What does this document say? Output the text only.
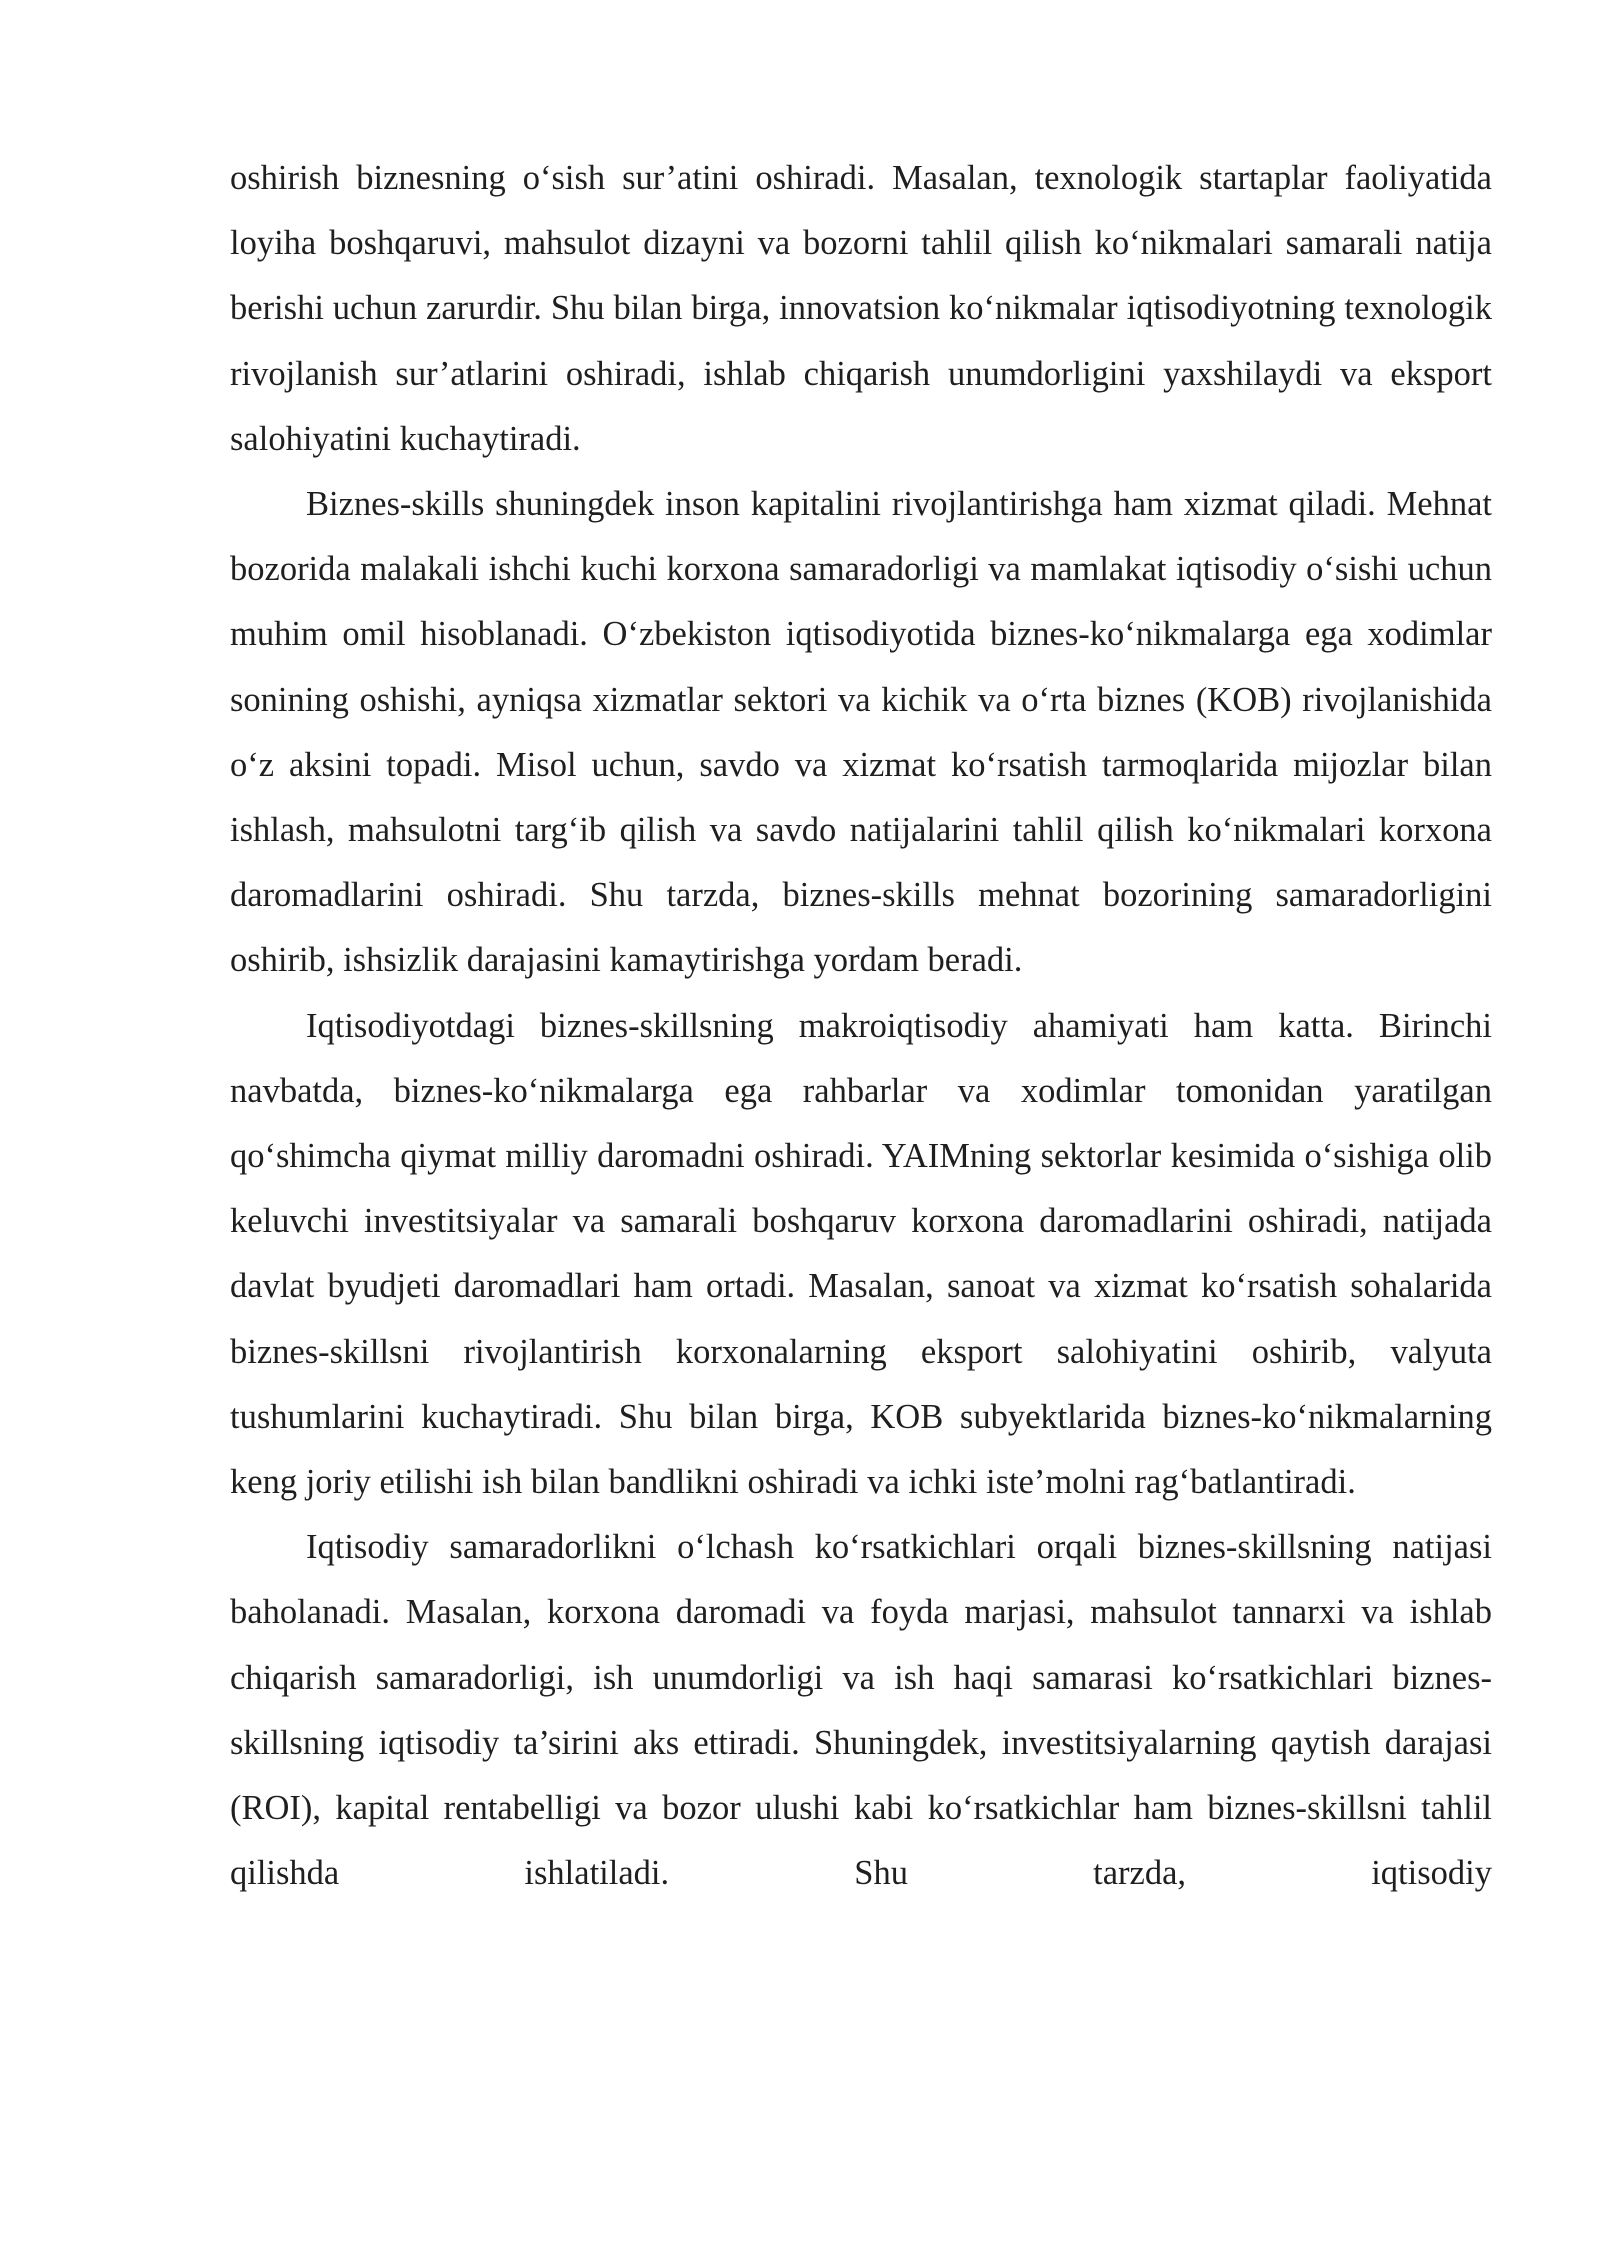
oshirish biznesning o‘sish sur’atini oshiradi. Masalan, texnologik startaplar faoliyatida loyiha boshqaruvi, mahsulot dizayni va bozorni tahlil qilish ko‘nikmalari samarali natija berishi uchun zarurdir. Shu bilan birga, innovatsion ko‘nikmalar iqtisodiyotning texnologik rivojlanish sur’atlarini oshiradi, ishlab chiqarish unumdorligini yaxshilaydi va eksport salohiyatini kuchaytiradi.

Biznes-skills shuningdek inson kapitalini rivojlantirishga ham xizmat qiladi. Mehnat bozorida malakali ishchi kuchi korxona samaradorligi va mamlakat iqtisodiy o‘sishi uchun muhim omil hisoblanadi. O‘zbekiston iqtisodiyotida biznes-ko‘nikmalarga ega xodimlar sonining oshishi, ayniqsa xizmatlar sektori va kichik va o‘rta biznes (KOB) rivojlanishida o‘z aksini topadi. Misol uchun, savdo va xizmat ko‘rsatish tarmoqlarida mijozlar bilan ishlash, mahsulotni targ‘ib qilish va savdo natijalarini tahlil qilish ko‘nikmalari korxona daromadlarini oshiradi. Shu tarzda, biznes-skills mehnat bozorining samaradorligini oshirib, ishsizlik darajasini kamaytirishga yordam beradi.

Iqtisodiyotdagi biznes-skillsning makroiqtisodiy ahamiyati ham katta. Birinchi navbatda, biznes-ko‘nikmalarga ega rahbarlar va xodimlar tomonidan yaratilgan qo‘shimcha qiymat milliy daromadni oshiradi. YAIMning sektorlar kesimida o‘sishiga olib keluvchi investitsiyalar va samarali boshqaruv korxona daromadlarini oshiradi, natijada davlat byudjeti daromadlari ham ortadi. Masalan, sanoat va xizmat ko‘rsatish sohalarida biznes-skillsni rivojlantirish korxonalarning eksport salohiyatini oshirib, valyuta tushumlarini kuchaytiradi. Shu bilan birga, KOB subyektlarida biznes-ko‘nikmalarning keng joriy etilishi ish bilan bandlikni oshiradi va ichki iste’molni rag‘batlantiradi.

Iqtisodiy samaradorlikni o‘lchash ko‘rsatkichlari orqali biznes-skillsning natijasi baholanadi. Masalan, korxona daromadi va foyda marjasi, mahsulot tannarxi va ishlab chiqarish samaradorligi, ish unumdorligi va ish haqi samarasi ko‘rsatkichlari biznes-skillsning iqtisodiy ta’sirini aks ettiradi. Shuningdek, investitsiyalarning qaytish darajasi (ROI), kapital rentabelligi va bozor ulushi kabi ko‘rsatkichlar ham biznes-skillsni tahlil qilishda ishlatiladi. Shu tarzda, iqtisodiy
